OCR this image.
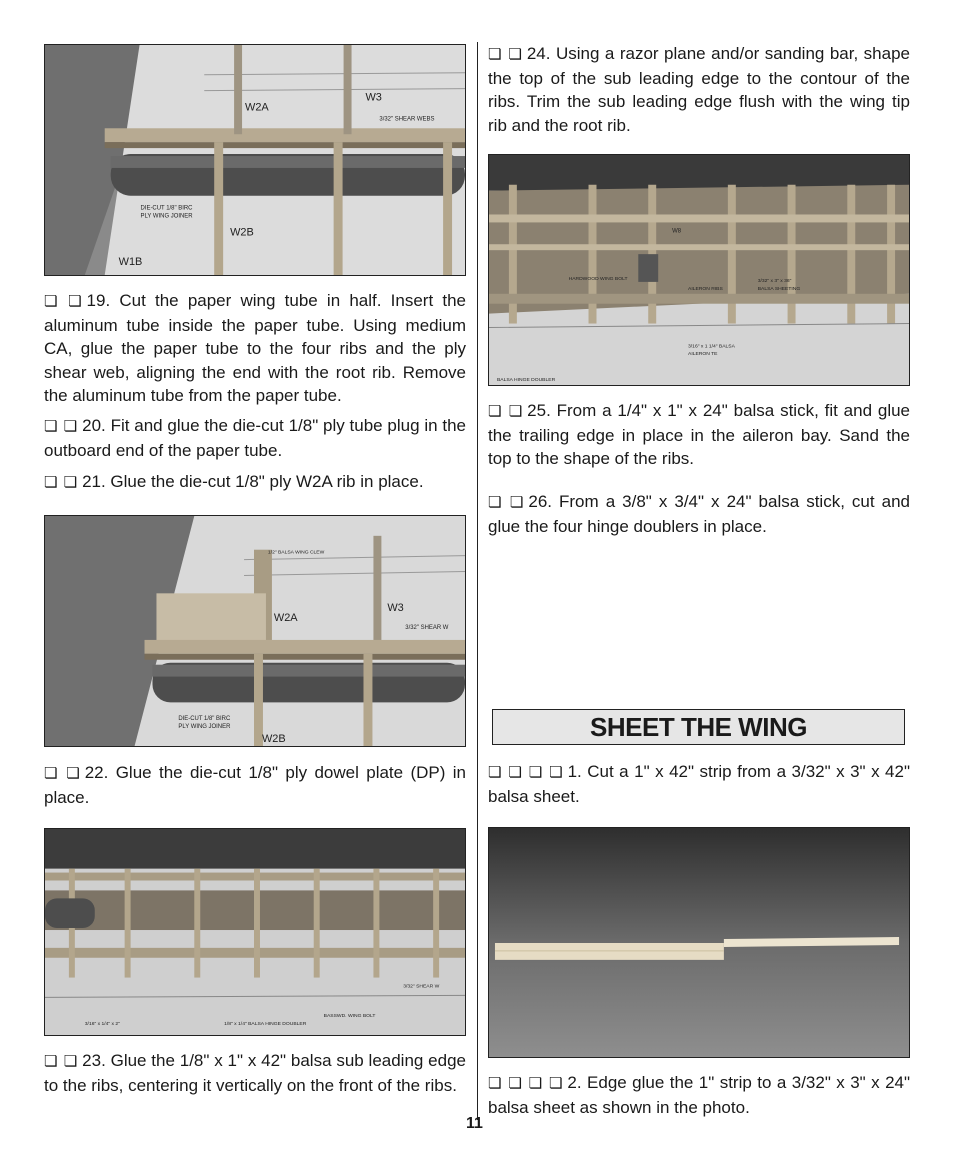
W2A
W3
3/32" SHEAR WEBS
DIE-CUT 1/8" BIRC
PLY WING JOINER
W2B
W1B

❏ ❏ 19. Cut the paper wing tube in half. Insert the aluminum tube inside the paper tube. Using medium CA, glue the paper tube to the four ribs and the ply shear web, aligning the end with the root rib. Remove the aluminum tube from the paper tube.

❏ ❏ 20. Fit and glue the die-cut 1/8" ply tube plug in the outboard end of the paper tube.

❏ ❏ 21. Glue the die-cut 1/8" ply W2A rib in place.

1/2" BALSA WING CLEW
W2A
W3
3/32" SHEAR W
DIE-CUT 1/8" BIRC
PLY WING JOINER
W2B

❏ ❏ 22. Glue the die-cut 1/8" ply dowel plate (DP) in place.

3/16" x 1/4" x 2"	1/8" x 1/4" BALSA HINGE DOUBLER
BASSWD. WING BOLT
3/32" SHEAR W

❏ ❏ 23. Glue the 1/8" x 1" x 42" balsa sub leading edge to the ribs, centering it vertically on the front of the ribs.

❏ ❏ 24. Using a razor plane and/or sanding bar, shape the top of the sub leading edge to the contour of the ribs. Trim the sub leading edge flush with the wing tip rib and the root rib.

W8
HARDWOOD WING BOLT
AILERON RIBS
3/32" x 3" x 36"
BALSA SHEETING
BALSA HINGE DOUBLER
3/16" x 1 1/4" BALSA
AILERON TE

❏ ❏ 25. From a 1/4" x 1" x 24" balsa stick, fit and glue the trailing edge in place in the aileron bay. Sand the top to the shape of the ribs.

❏ ❏ 26. From a 3/8" x 3/4" x 24" balsa stick, cut and glue the four hinge doublers in place.

SHEET THE WING

❏ ❏ ❏ ❏ 1. Cut a 1" x 42" strip from a 3/32" x 3" x 42" balsa sheet.

❏ ❏ ❏ ❏ 2. Edge glue the 1" strip to a 3/32" x 3" x 24" balsa sheet as shown in the photo.

11
